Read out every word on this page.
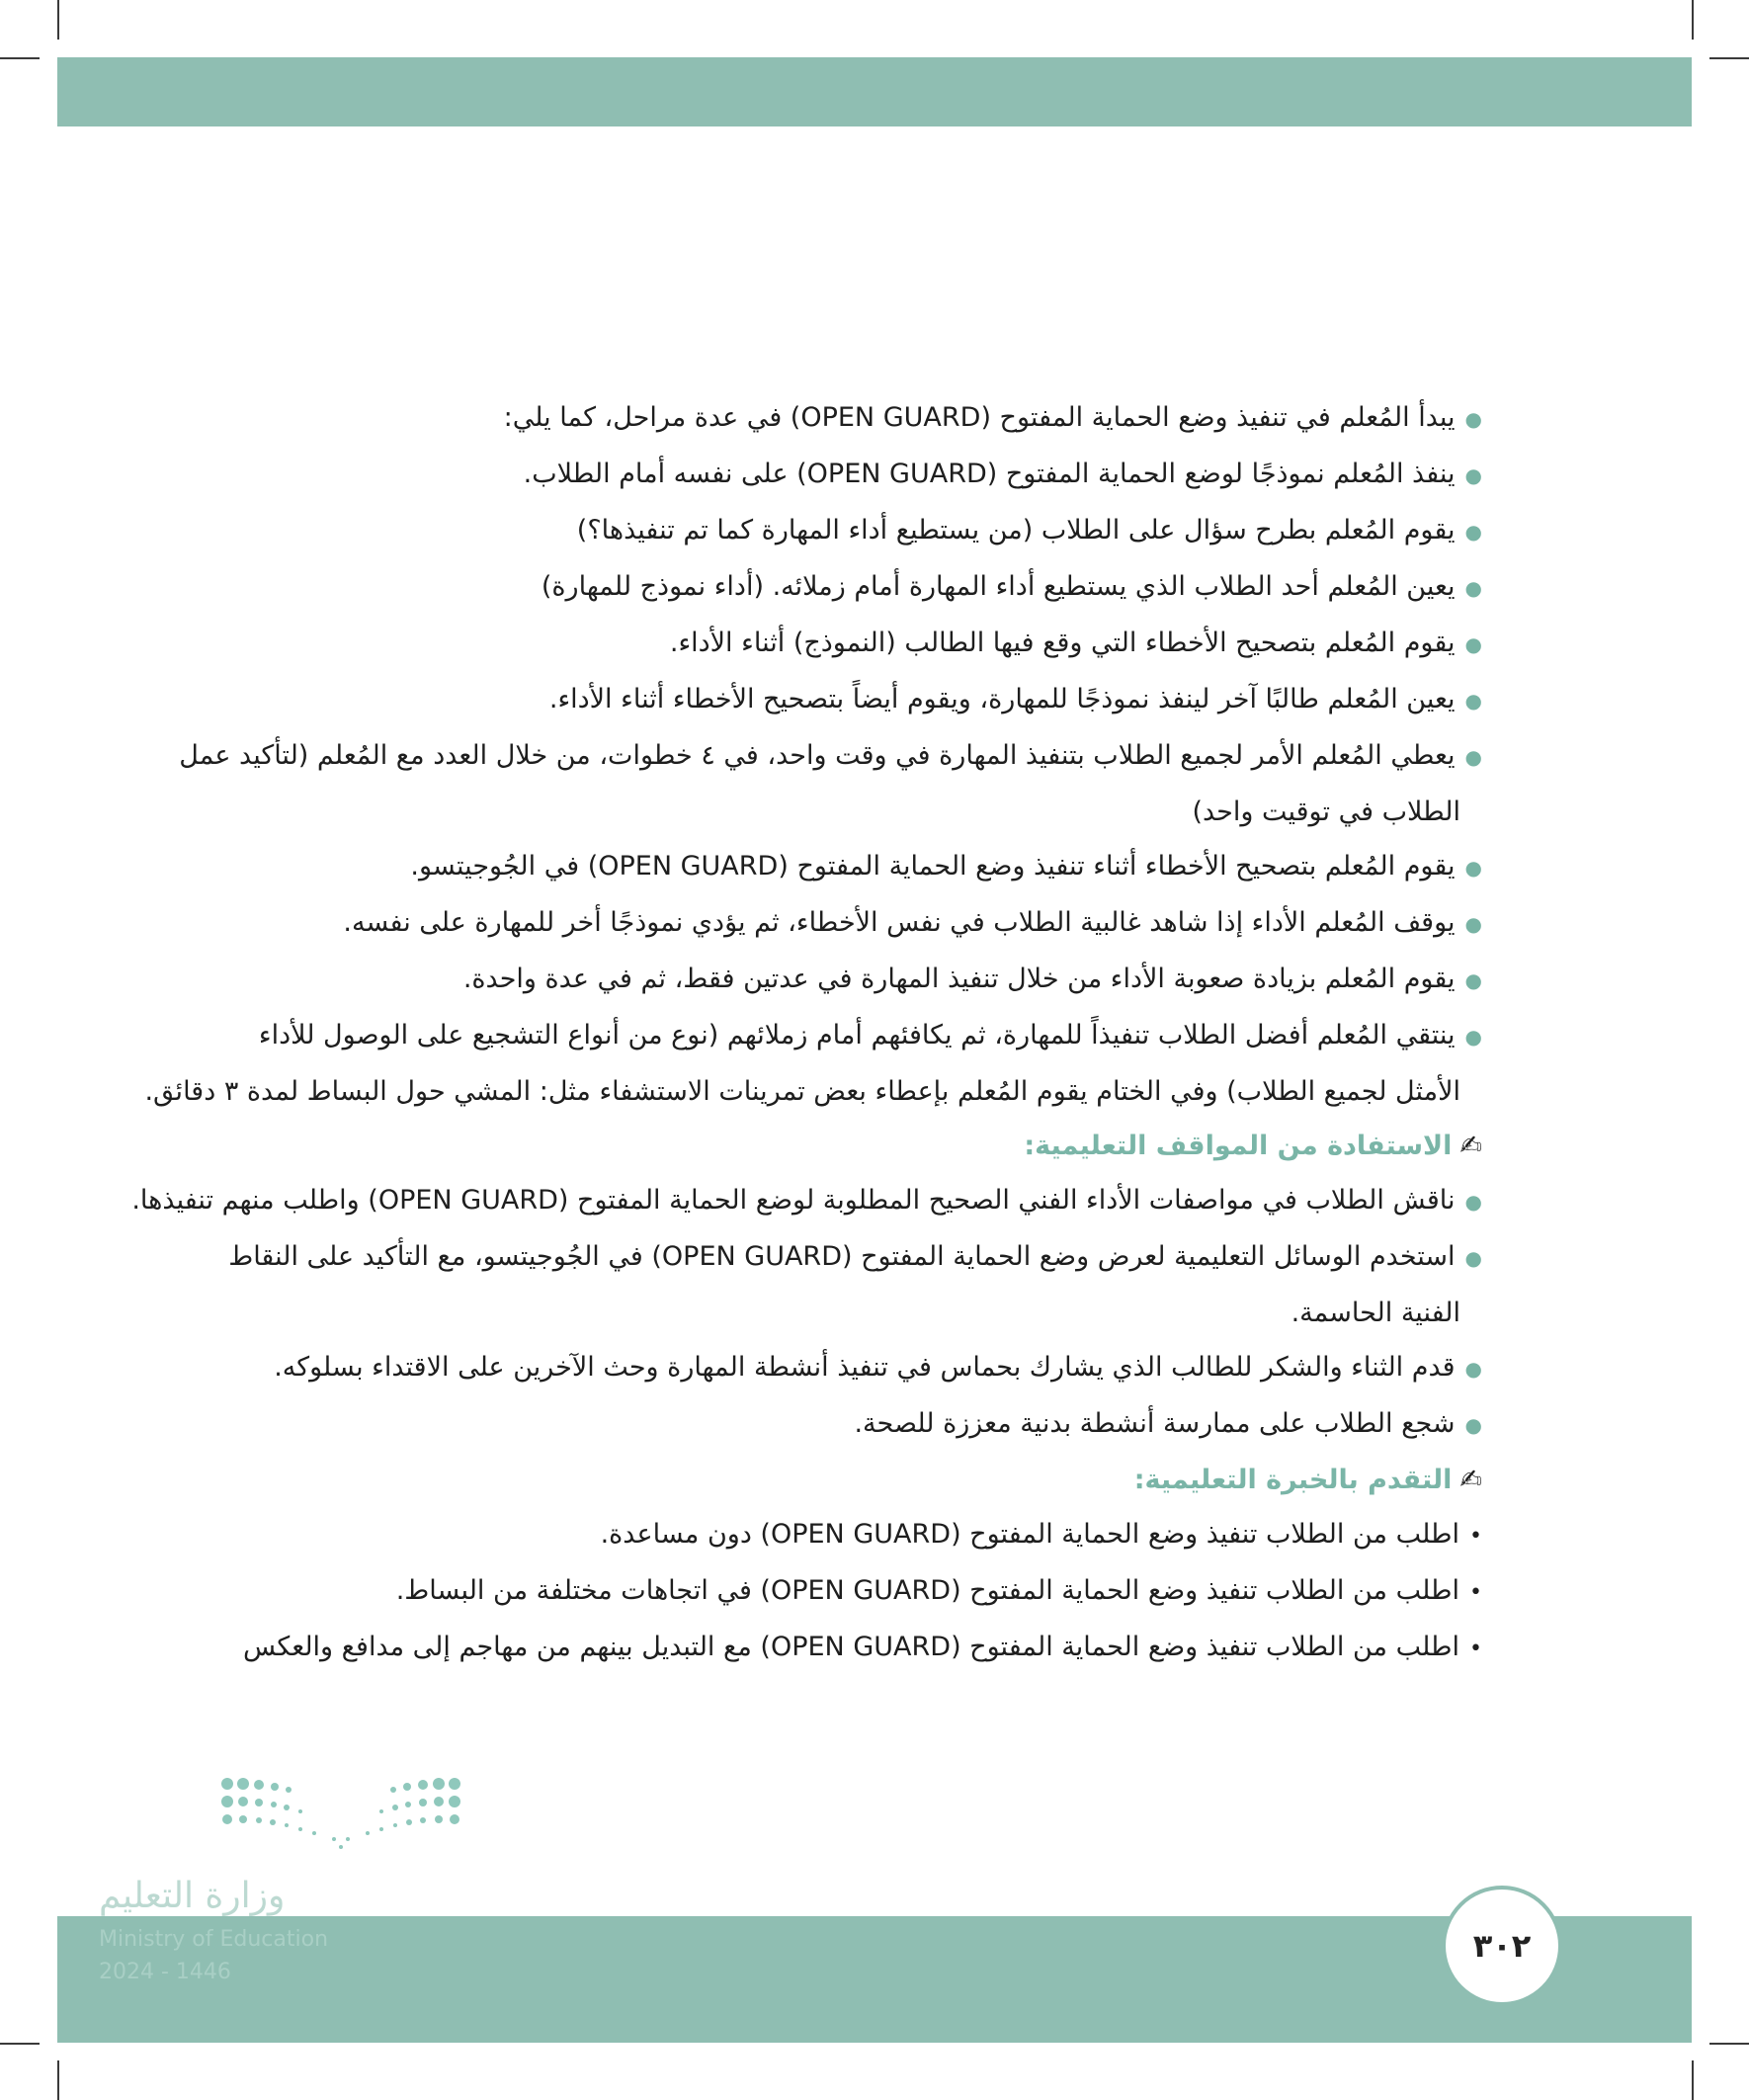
●يبدأ المُعلم في تنفيذ وضع الحماية المفتوح (OPEN GUARD) في عدة مراحل، كما يلي:
●ينفذ المُعلم نموذجًا لوضع الحماية المفتوح (OPEN GUARD) على نفسه أمام الطلاب.
●يقوم المُعلم بطرح سؤال على الطلاب (من يستطيع أداء المهارة كما تم تنفيذها؟)
●يعين المُعلم أحد الطلاب الذي يستطيع أداء المهارة أمام زملائه. (أداء نموذج للمهارة)
●يقوم المُعلم بتصحيح الأخطاء التي وقع فيها الطالب (النموذج) أثناء الأداء.
●يعين المُعلم طالبًا آخر لينفذ نموذجًا للمهارة، ويقوم أيضاً بتصحيح الأخطاء أثناء الأداء.
●يعطي المُعلم الأمر لجميع الطلاب بتنفيذ المهارة في وقت واحد، في ٤ خطوات، من خلال العدد مع المُعلم (لتأكيد عمل
الطلاب في توقيت واحد)
●يقوم المُعلم بتصحيح الأخطاء أثناء تنفيذ وضع الحماية المفتوح (OPEN GUARD) في الجُوجيتسو.
●يوقف المُعلم الأداء إذا شاهد غالبية الطلاب في نفس الأخطاء، ثم يؤدي نموذجًا أخر للمهارة على نفسه.
●يقوم المُعلم بزيادة صعوبة الأداء من خلال تنفيذ المهارة في عدتين فقط، ثم في عدة واحدة.
●ينتقي المُعلم أفضل الطلاب تنفيذاً للمهارة، ثم يكافئهم أمام زملائهم (نوع من أنواع التشجيع على الوصول للأداء
الأمثل لجميع الطلاب) وفي الختام يقوم المُعلم بإعطاء بعض تمرينات الاستشفاء مثل: المشي حول البساط لمدة ٣ دقائق.
✍الاستفادة من المواقف التعليمية:
●ناقش الطلاب في مواصفات الأداء الفني الصحيح المطلوبة لوضع الحماية المفتوح (OPEN GUARD) واطلب منهم تنفيذها.
●استخدم الوسائل التعليمية لعرض وضع الحماية المفتوح (OPEN GUARD) في الجُوجيتسو، مع التأكيد على النقاط
الفنية الحاسمة.
●قدم الثناء والشكر للطالب الذي يشارك بحماس في تنفيذ أنشطة المهارة وحث الآخرين على الاقتداء بسلوكه.
●شجع الطلاب على ممارسة أنشطة بدنية معززة للصحة.
✍التقدم بالخبرة التعليمية:
•اطلب من الطلاب تنفيذ وضع الحماية المفتوح (OPEN GUARD) دون مساعدة.
•اطلب من الطلاب تنفيذ وضع الحماية المفتوح (OPEN GUARD) في اتجاهات مختلفة من البساط.
•اطلب من الطلاب تنفيذ وضع الحماية المفتوح (OPEN GUARD) مع التبديل بينهم من مهاجم إلى مدافع والعكس
وزارة التعليم
Ministry of Education
2024 - 1446
٣٠٢
